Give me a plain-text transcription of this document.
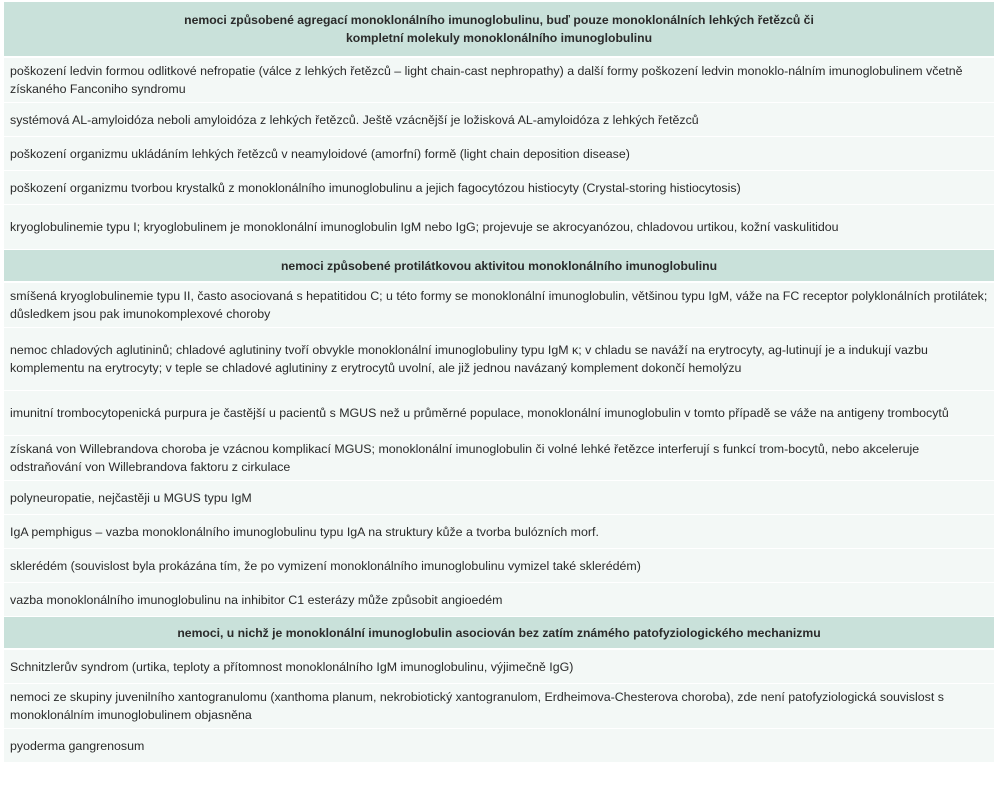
nemoci způsobené agregací monoklonálního imunoglobulinu, buď pouze monoklonálních lehkých řetězců či
kompletní molekuly monoklonálního imunoglobulinu

poškození ledvin formou odlitkové nefropatie (válce z lehkých řetězců – light chain-cast nephropathy) a další formy poškození ledvin monoklo-nálním imunoglobulinem včetně získaného Fanconiho syndromu
systémová AL-amyloidóza neboli amyloidóza z lehkých řetězců. Ještě vzácnější je ložisková AL-amyloidóza z lehkých řetězců
poškození organizmu ukládáním lehkých řetězců v neamyloidové (amorfní) formě (light chain deposition disease)
poškození organizmu tvorbou krystalků z monoklonálního imunoglobulinu a jejich fagocytózou histiocyty (Crystal-storing histiocytosis)
kryoglobulinemie typu I; kryoglobulinem je monoklonální imunoglobulin IgM nebo IgG; projevuje se akrocyanózou, chladovou urtikou, kožní vaskulitidou
nemoci způsobené protilátkovou aktivitou monoklonálního imunoglobulinu
smíšená kryoglobulinemie typu II, často asociovaná s hepatitidou C; u této formy se monoklonální imunoglobulin, většinou typu IgM, váže na FC receptor polyklonálních protilátek; důsledkem jsou pak imunokomplexové choroby
nemoc chladových aglutininů; chladové aglutininy tvoří obvykle monoklonální imunoglobuliny typu IgM κ; v chladu se naváží na erytrocyty, ag-lutinují je a indukují vazbu komplementu na erytrocyty; v teple se chladové aglutininy z erytrocytů uvolní, ale již jednou navázaný komplement dokončí hemolýzu
imunitní trombocytopenická purpura je častější u pacientů s MGUS než u průměrné populace, monoklonální imunoglobulin v tomto případě se váže na antigeny trombocytů
získaná von Willebrandova choroba je vzácnou komplikací MGUS; monoklonální imunoglobulin či volné lehké řetězce interferují s funkcí trom-bocytů, nebo akceleruje odstraňování von Willebrandova faktoru z cirkulace
polyneuropatie, nejčastěji u MGUS typu IgM
IgA pemphigus – vazba monoklonálního imunoglobulinu typu IgA na struktury kůže a tvorba bulózních morf.
sklerédém (souvislost byla prokázána tím, že po vymizení monoklonálního imunoglobulinu vymizel také sklerédém)
vazba monoklonálního imunoglobulinu na inhibitor C1 esterázy může způsobit angioedém
nemoci, u nichž je monoklonální imunoglobulin asociován bez zatím známého patofyziologického mechanizmu
Schnitzlerův syndrom (urtika, teploty a přítomnost monoklonálního IgM imunoglobulinu, výjimečně IgG)
nemoci ze skupiny juvenilního xantogranulomu (xanthoma planum, nekrobiotický xantogranulom, Erdheimova-Chesterova choroba), zde není patofyziologická souvislost s monoklonálním imunoglobulinem objasněna
pyoderma gangrenosum
